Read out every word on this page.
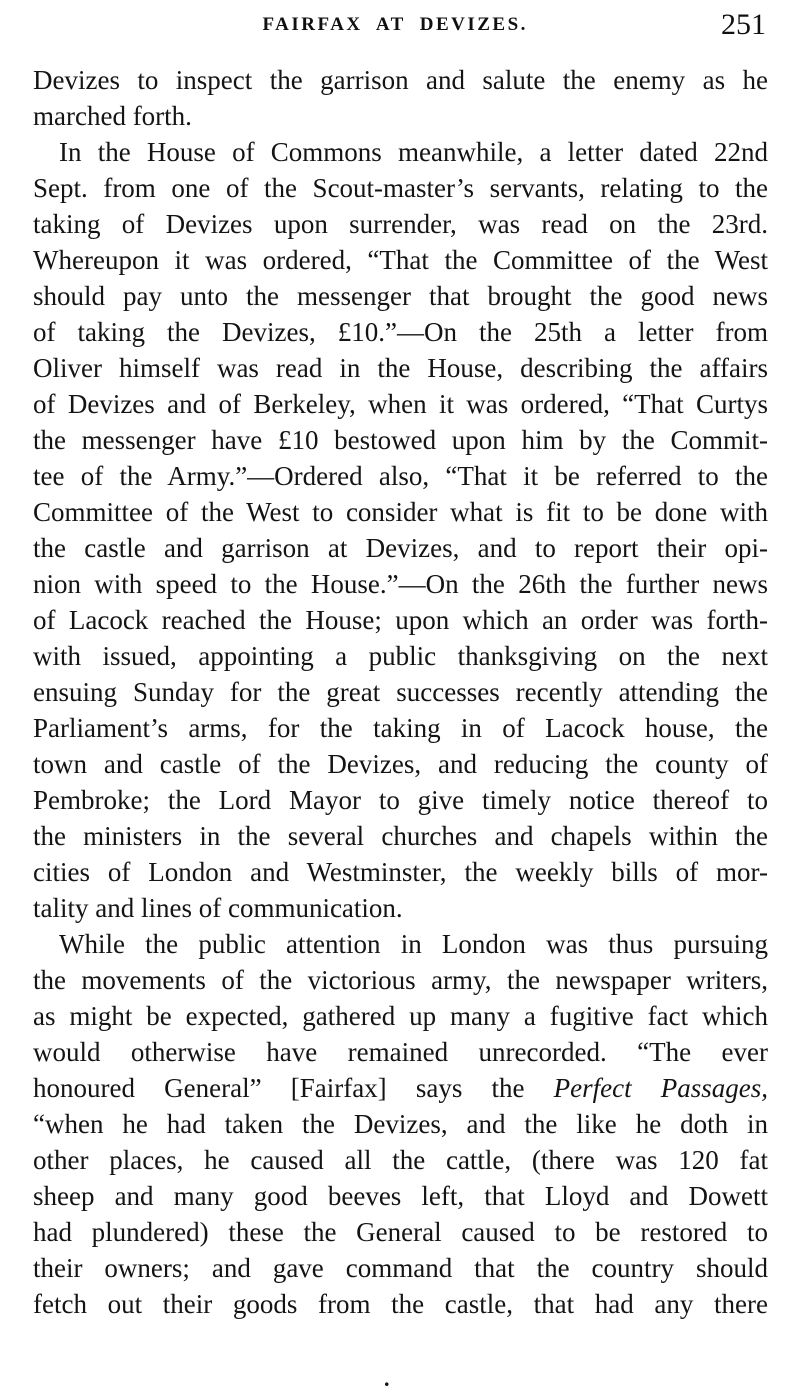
FAIRFAX AT DEVIZES.	251
Devizes to inspect the garrison and salute the enemy as he
marched forth.
In the House of Commons meanwhile, a letter dated 22nd
Sept. from one of the Scout-master’s servants, relating to the
taking of Devizes upon surrender, was read on the 23rd.
Whereupon it was ordered, “That the Committee of the West
should pay unto the messenger that brought the good news
of taking the Devizes, £10.”—On the 25th a letter from
Oliver himself was read in the House, describing the affairs
of Devizes and of Berkeley, when it was ordered, “That Curtys
the messenger have £10 bestowed upon him by the Commit-
tee of the Army.”—Ordered also, “That it be referred to the
Committee of the West to consider what is fit to be done with
the castle and garrison at Devizes, and to report their opi-
nion with speed to the House.”—On the 26th the further news
of Lacock reached the House; upon which an order was forth-
with issued, appointing a public thanksgiving on the next
ensuing Sunday for the great successes recently attending the
Parliament’s arms, for the taking in of Lacock house, the
town and castle of the Devizes, and reducing the county of
Pembroke; the Lord Mayor to give timely notice thereof to
the ministers in the several churches and chapels within the
cities of London and Westminster, the weekly bills of mor-
tality and lines of communication.
While the public attention in London was thus pursuing
the movements of the victorious army, the newspaper writers,
as might be expected, gathered up many a fugitive fact which
would otherwise have remained unrecorded. “The ever
honoured General” [Fairfax] says the Perfect Passages,
“when he had taken the Devizes, and the like he doth in
other places, he caused all the cattle, (there was 120 fat
sheep and many good beeves left, that Lloyd and Dowett
had plundered) these the General caused to be restored to
their owners; and gave command that the country should
fetch out their goods from the castle, that had any there
.
